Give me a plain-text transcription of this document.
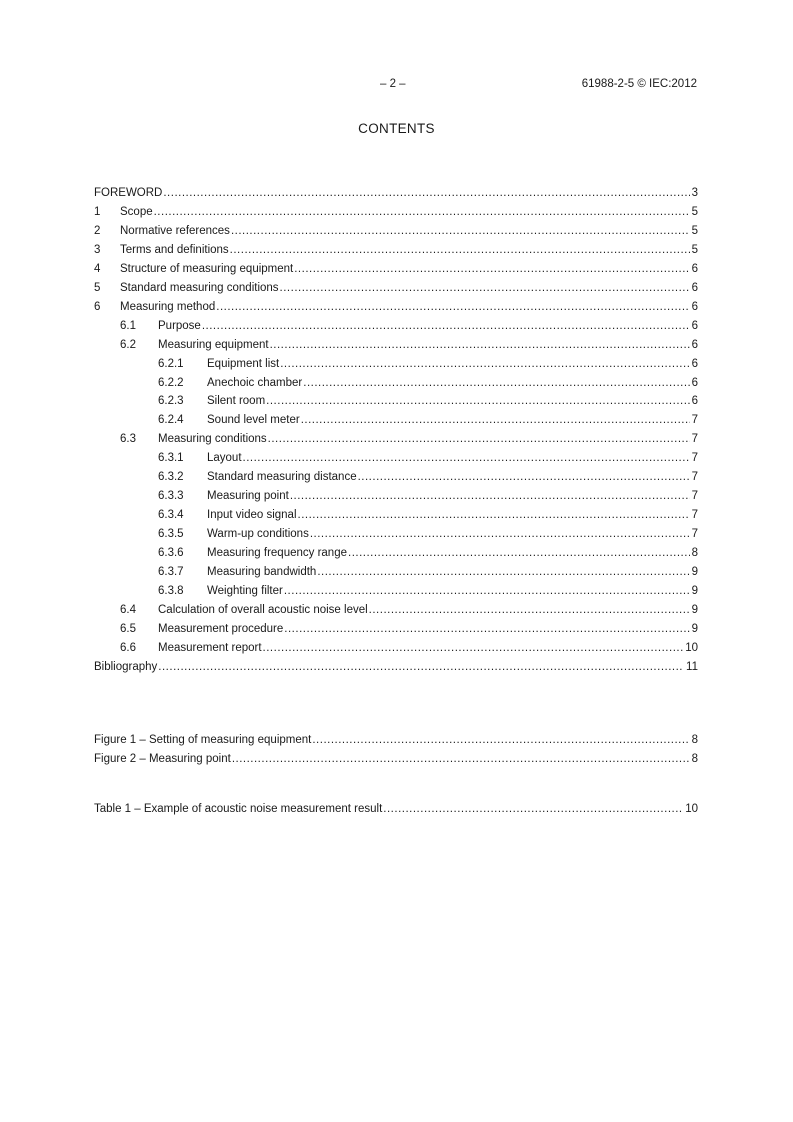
– 2 –	61988-2-5 © IEC:2012
CONTENTS
FOREWORD .....	3
1	Scope .....	5
2	Normative references .....	5
3	Terms and definitions .....	5
4	Structure of measuring equipment .....	6
5	Standard measuring conditions .....	6
6	Measuring method .....	6
6.1	Purpose .....	6
6.2	Measuring equipment .....	6
6.2.1	Equipment list .....	6
6.2.2	Anechoic chamber .....	6
6.2.3	Silent room .....	6
6.2.4	Sound level meter .....	7
6.3	Measuring conditions .....	7
6.3.1	Layout .....	7
6.3.2	Standard measuring distance .....	7
6.3.3	Measuring point .....	7
6.3.4	Input video signal .....	7
6.3.5	Warm-up conditions .....	7
6.3.6	Measuring frequency range .....	8
6.3.7	Measuring bandwidth .....	9
6.3.8	Weighting filter .....	9
6.4	Calculation of overall acoustic noise level .....	9
6.5	Measurement procedure .....	9
6.6	Measurement report .....	10
Bibliography .....	11
Figure 1 – Setting of measuring equipment .....	8
Figure 2 – Measuring point .....	8
Table 1 – Example of acoustic noise measurement result .....	10
